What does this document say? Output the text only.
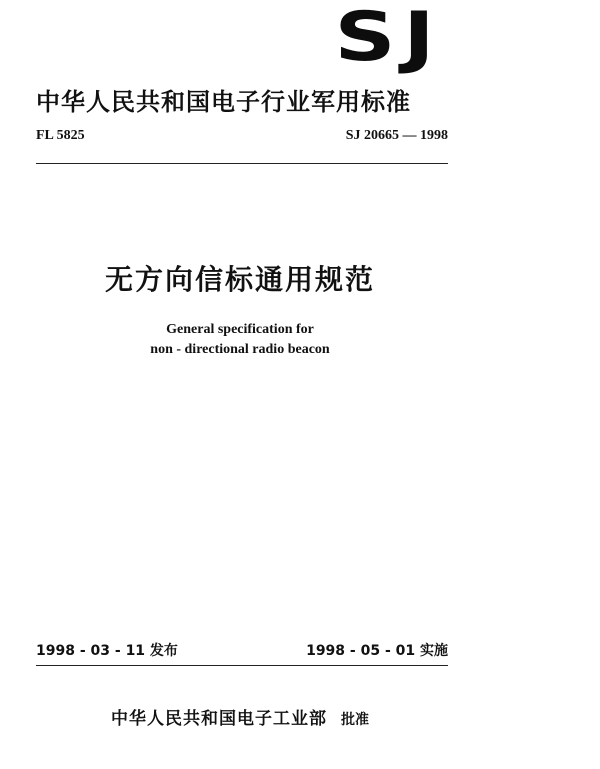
SJ
中华人民共和国电子行业军用标准
FL 5825	SJ 20665 — 1998
无方向信标通用规范
General specification for
non - directional radio beacon
1998 - 03 - 11 发布	1998 - 05 - 01 实施
中华人民共和国电子工业部 批准
